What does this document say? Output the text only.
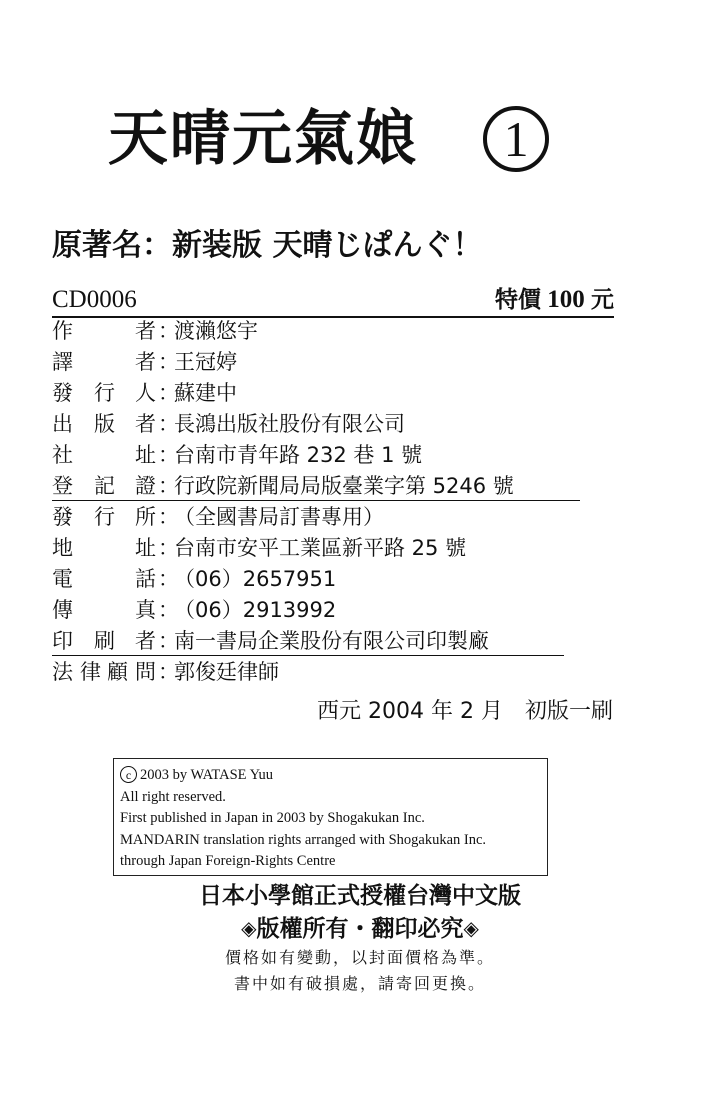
天晴元氣娘 1
原著名：新装版 天晴じぱんぐ！
CD0006	特價 100 元
作	者 ：
渡瀨悠宇
譯	者 ：
王冠婷
發 行 人 ：
蘇建中
出 版 者 ：
長鴻出版社股份有限公司
社	址 ：
台南市青年路 232 巷 1 號
登 記 證 ：
行政院新聞局局版臺業字第 5246 號
發 行 所 ：
（全國書局訂書專用）
地	址 ：
台南市安平工業區新平路 25 號
電	話 ：
（06）2657951
傳	真 ：
（06）2913992
印 刷 者 ：
南一書局企業股份有限公司印製廠
法 律 顧 問 ：
郭俊廷律師
西元 2004 年 2 月　初版一刷
c 2003 by WATASE Yuu
All right reserved.
First published in Japan in 2003 by Shogakukan Inc.
MANDARIN translation rights arranged with Shogakukan Inc.
through Japan Foreign-Rights Centre
日本小學館正式授權台灣中文版
◈版權所有・翻印必究◈
價格如有變動，以封面價格為準。
書中如有破損處，請寄回更換。
